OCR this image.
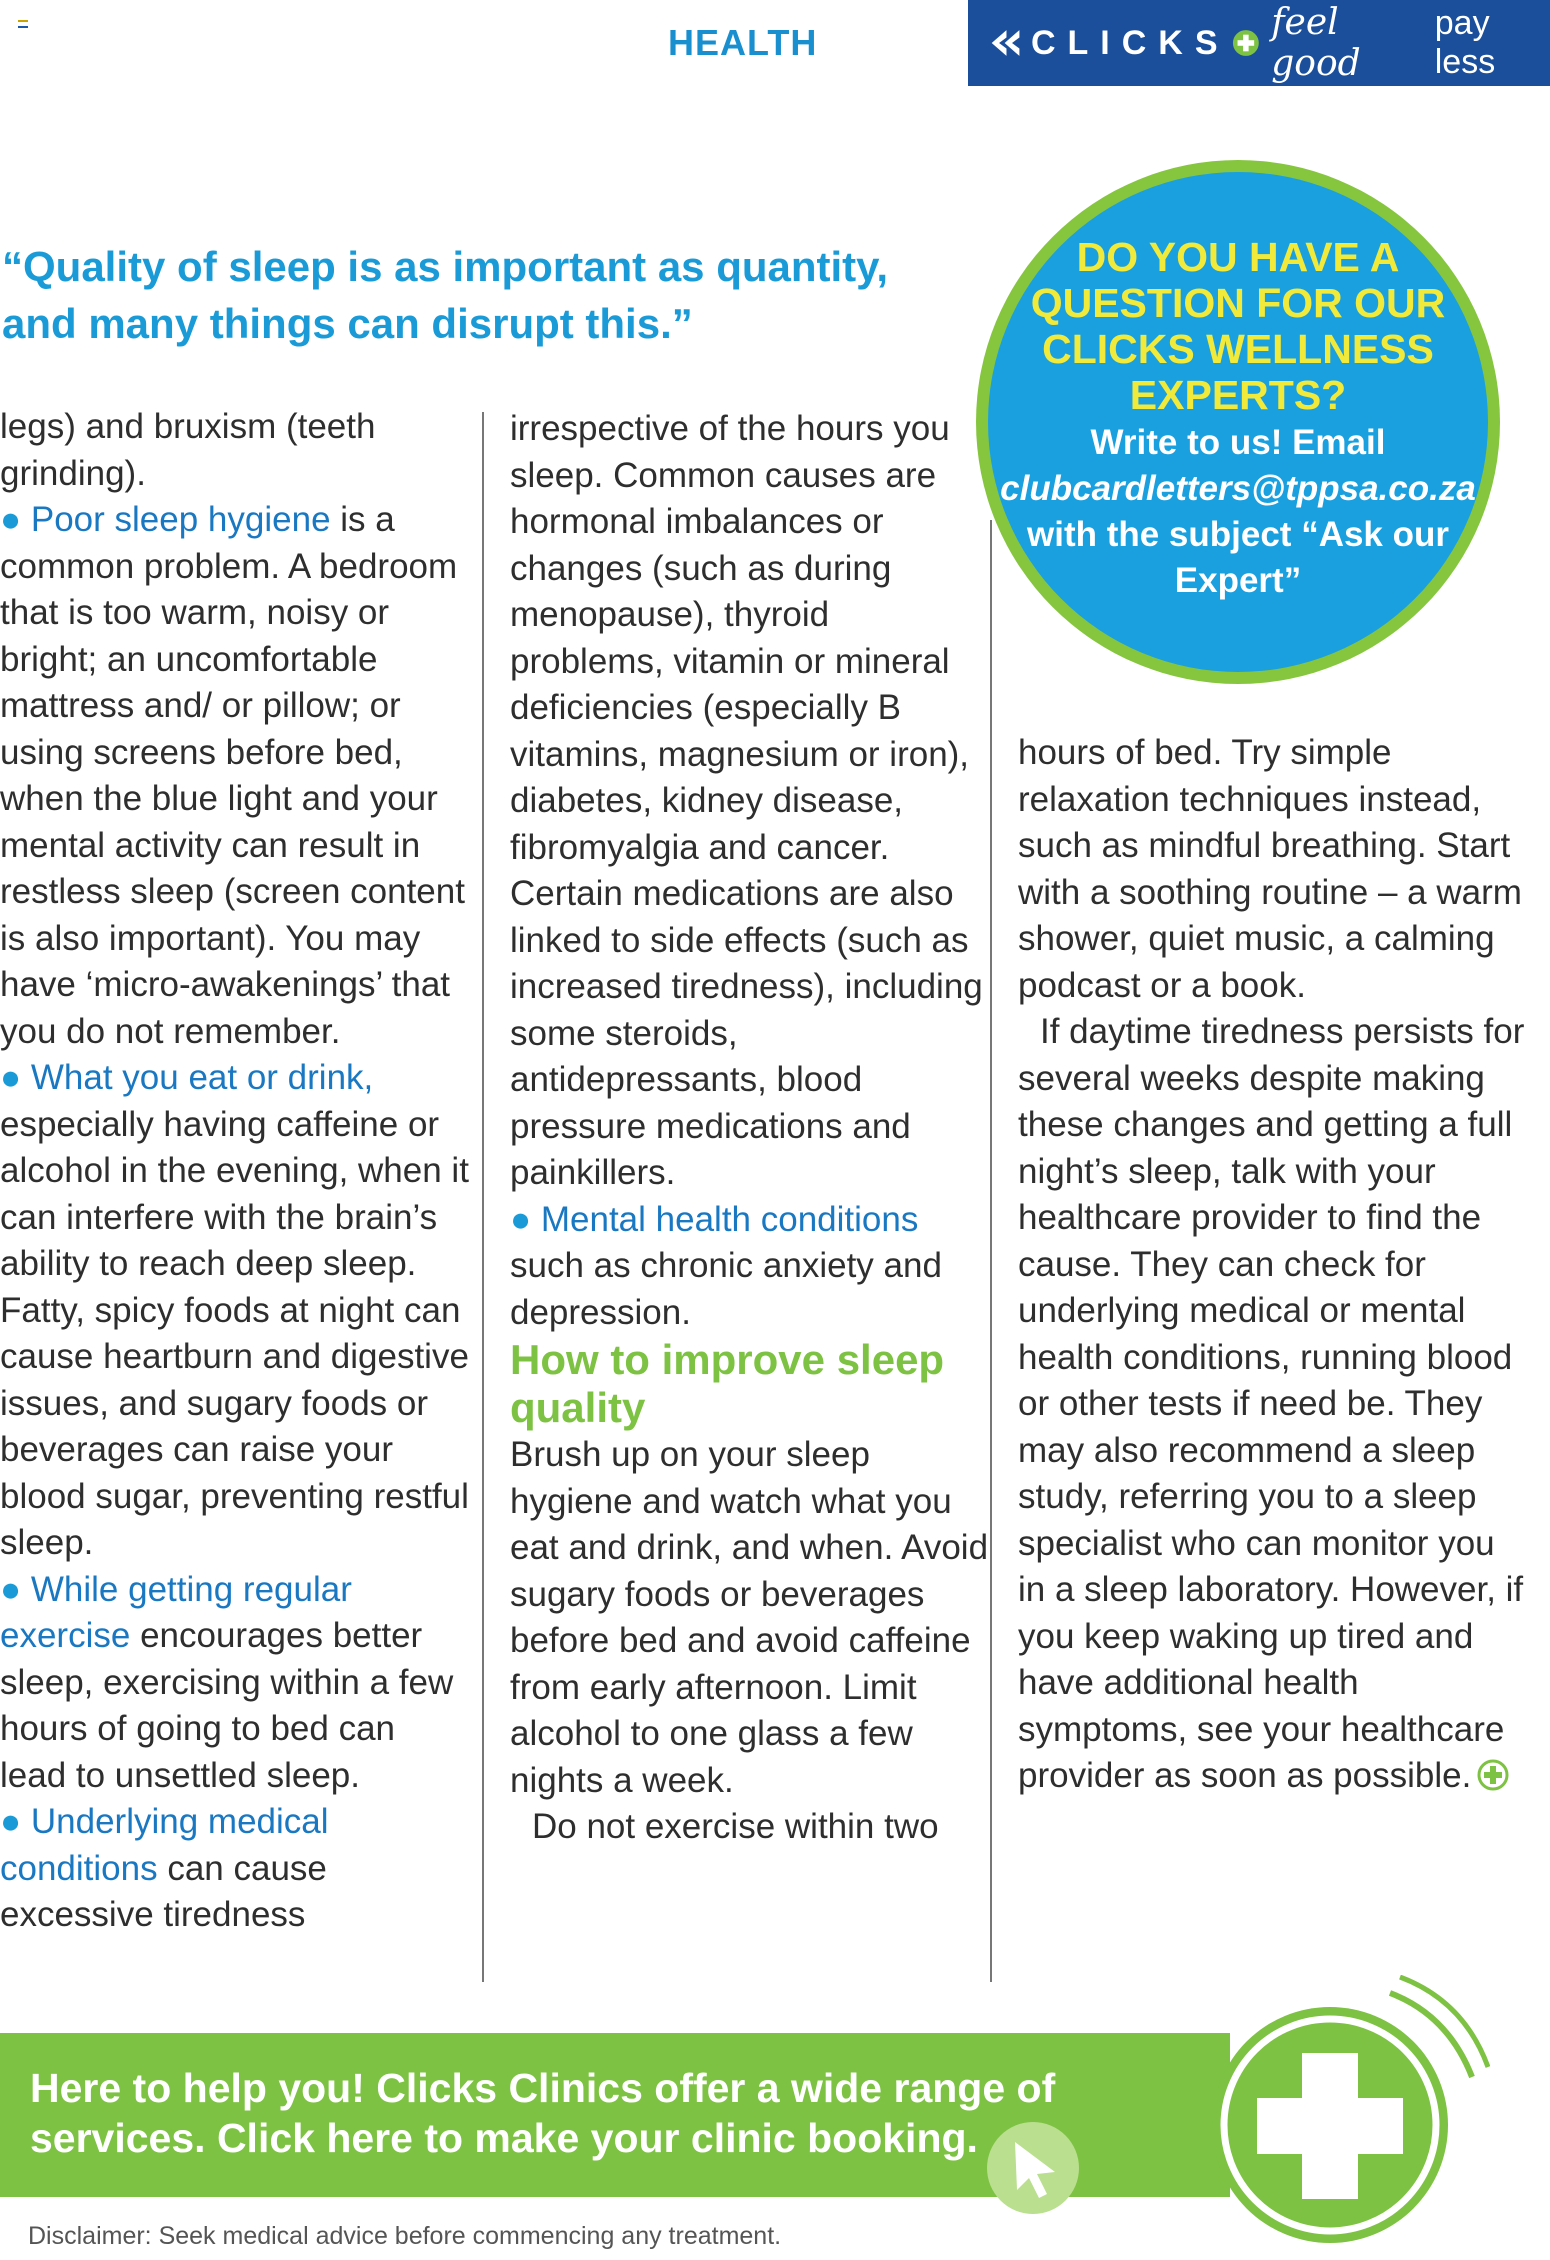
HEALTH	CLICKS feel good
pay less

“Quality of sleep is as important as quantity, and many things can disrupt this.”

DO YOU HAVE A QUESTION FOR OUR CLICKS WELLNESS EXPERTS?

Write to us! Email clubcardletters@tppsa.co.za with the subject “Ask our Expert”

legs) and bruxism (teeth grinding).

● Poor sleep hygiene is a common problem. A bedroom that is too warm, noisy or bright; an uncomfortable mattress and/ or pillow; or using screens before bed, when the blue light and your mental activity can result in restless sleep (screen content is also important). You may have ‘micro-awakenings’ that you do not remember.

● What you eat or drink, especially having caffeine or alcohol in the evening, when it can interfere with the brain’s ability to reach deep sleep. Fatty, spicy foods at night can cause heartburn and digestive issues, and sugary foods or beverages can raise your blood sugar, preventing restful sleep.

● While getting regular exercise encourages better sleep, exercising within a few hours of going to bed can lead to unsettled sleep.

● Underlying medical conditions can cause excessive tiredness

irrespective of the hours you sleep. Common causes are hormonal imbalances or changes (such as during menopause), thyroid problems, vitamin or mineral deficiencies (especially B vitamins, magnesium or iron), diabetes, kidney disease, fibromyalgia and cancer. Certain medications are also linked to side effects (such as increased tiredness), including some steroids, antidepressants, blood pressure medications and painkillers.

● Mental health conditions such as chronic anxiety and depression.

How to improve sleep quality

Brush up on your sleep hygiene and watch what you eat and drink, and when. Avoid sugary foods or beverages before bed and avoid caffeine from early afternoon. Limit alcohol to one glass a few nights a week.

Do not exercise within two

hours of bed. Try simple relaxation techniques instead, such as mindful breathing. Start with a soothing routine – a warm shower, quiet music, a calming podcast or a book.

If daytime tiredness persists for several weeks despite making these changes and getting a full night’s sleep, talk with your healthcare provider to find the cause. They can check for underlying medical or mental health conditions, running blood or other tests if need be. They may also recommend a sleep study, referring you to a sleep specialist who can monitor you in a sleep laboratory. However, if you keep waking up tired and have additional health symptoms, see your healthcare provider as soon as possible.

Here to help you! Clicks Clinics offer a wide range of services. Click here to make your clinic booking.

Disclaimer: Seek medical advice before commencing any treatment.
